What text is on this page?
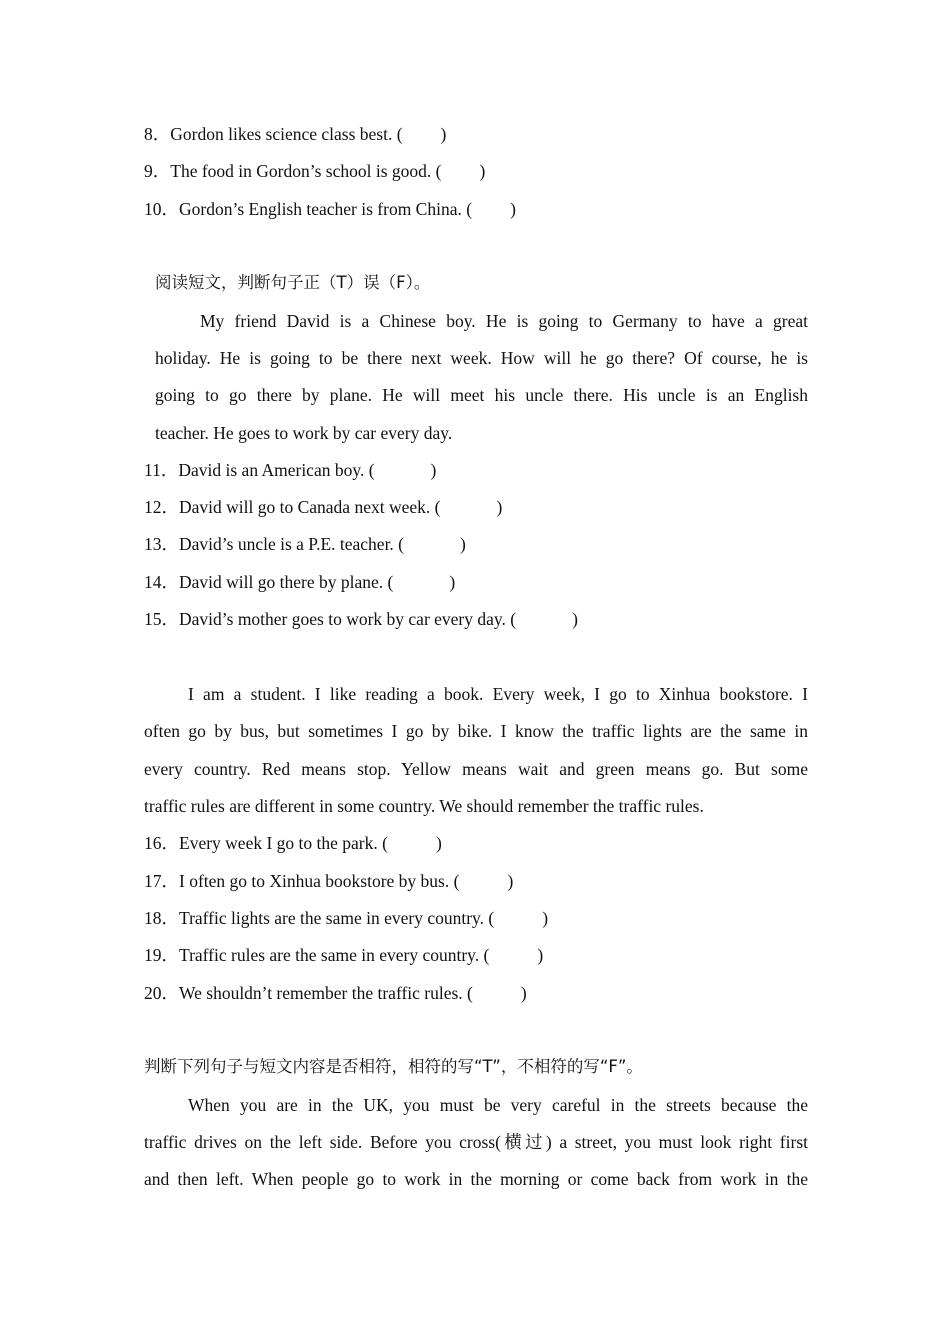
8．Gordon likes science class best. ( )
9．The food in Gordon’s school is good. ( )
10．Gordon’s English teacher is from China. ( )
阅读短文，判断句子正（T）误（F）。
My friend David is a Chinese boy. He is going to Germany to have a great
holiday. He is going to be there next week. How will he go there? Of course, he is
going to go there by plane. He will meet his uncle there. His uncle is an English
teacher. He goes to work by car every day.
11．David is an American boy. (	)
12．David will go to Canada next week. (	)
13．David’s uncle is a P.E. teacher. (	)
14．David will go there by plane. (	)
15．David’s mother goes to work by car every day. (	)
I am a student. I like reading a book. Every week, I go to Xinhua bookstore. I
often go by bus, but sometimes I go by bike. I know the traffic lights are the same in
every country. Red means stop. Yellow means wait and green means go. But some
traffic rules are different in some country. We should remember the traffic rules.
16．Every week I go to the park. (	)
17．I often go to Xinhua bookstore by bus. (	)
18．Traffic lights are the same in every country. (	)
19．Traffic rules are the same in every country. (	)
20．We shouldn’t remember the traffic rules. (	)
判断下列句子与短文内容是否相符，相符的写“T”，不相符的写“F”。
When you are in the UK, you must be very careful in the streets because the
traffic drives on the left side. Before you cross(横过) a street, you must look right first
and then left. When people go to work in the morning or come back from work in the
